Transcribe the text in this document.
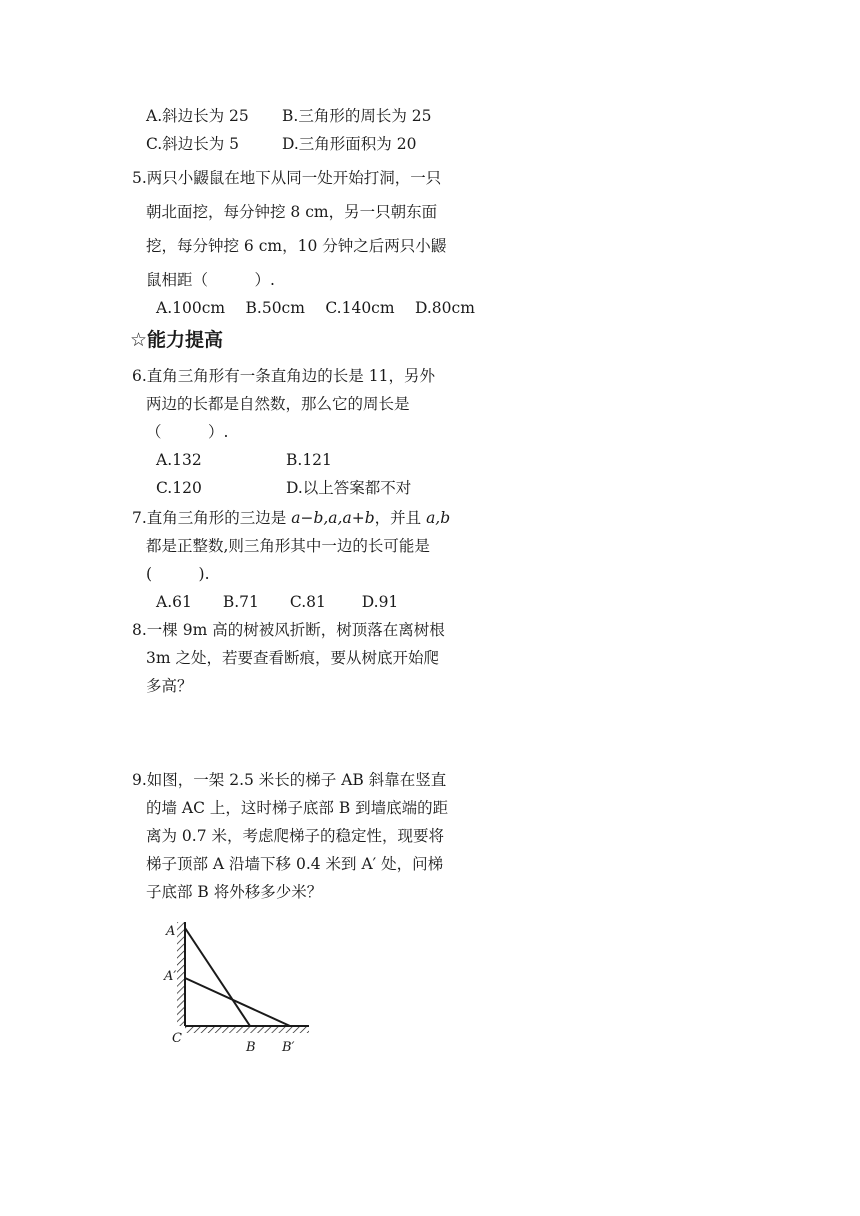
A.斜边长为 25 B.三角形的周长为 25
C.斜边长为 5	D.三角形面积为 20
5.两只小鼹鼠在地下从同一处开始打洞，一只
朝北面挖，每分钟挖 8 cm，另一只朝东面
挖，每分钟挖 6 cm，10 分钟之后两只小鼹
鼠相距（　　　）.
A.100cm　 B.50cm　 C.140cm　 D.80cm
☆能力提高
6.直角三角形有一条直角边的长是 11，另外
两边的长都是自然数，那么它的周长是
（　　　）.
A.132	B.121
C.120	D.以上答案都不对
7.直角三角形的三边是 a−b,a,a+b，并且 a,b
都是正整数,则三角形其中一边的长可能是
(　　　).
A.61　　B.71　　C.81　　 D.91
8.一棵 9m 高的树被风折断，树顶落在离树根
3m 之处，若要查看断痕，要从树底开始爬
多高？
9.如图，一架 2.5 米长的梯子 AB 斜靠在竖直
的墙 AC 上，这时梯子底部 B 到墙底端的距
离为 0.7 米，考虑爬梯子的稳定性，现要将
梯子顶部 A 沿墙下移 0.4 米到 A′ 处，问梯
子底部 B 将外移多少米？
A
A′
C
B B′
